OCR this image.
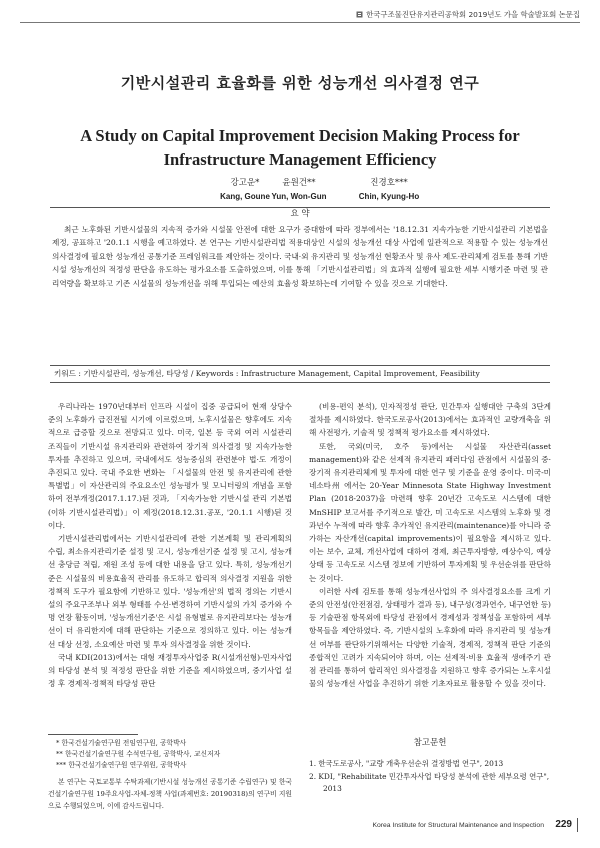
한국구조물진단유지관리공학회 2019년도 가을 학술발표회 논문집
기반시설관리 효율화를 위한 성능개선 의사결정 연구
A Study on Capital Improvement Decision Making Process for Infrastructure Management Efficiency
강고운*
Kang, Goune
윤원건**
Yun, Won-Gun
진경호***
Chin, Kyung-Ho
요 약
최근 노후화된 기반시설물의 지속적 증가와 시설물 안전에 대한 요구가 증대함에 따라 정부에서는 '18.12.31 지속가능한 기반시설관리 기본법을 제정, 공표하고 '20.1.1 시행을 예고하였다. 본 연구는 기반시설관리법 적용대상인 시설의 성능개선 대상 사업에 일관적으로 적용할 수 있는 성능개선 의사결정에 필요한 성능개선 공통기준 프레임워크를 제안하는 것이다. 국내·외 유지관리 및 성능개선 현황조사 및 유사 제도·관리체계 검토를 통해 기반시설 성능개선의 적정성 판단을 유도하는 평가요소를 도출하였으며, 이를 통해 「기반시설관리법」의 효과적 실행에 필요한 세부 시행기준 마련 및 관리역량을 확보하고 기존 시설물의 성능개선을 위해 투입되는 예산의 효율성 확보하는데 기여할 수 있을 것으로 기대한다.
키워드 : 기반시설관리, 성능개선, 타당성 / Keywords : Infrastructure Management, Capital Improvement, Feasibility

우리나라는 1970년대부터 인프라 시설이 집중 공급되어 현재 상당수준의 노후화가 급진전될 시기에 이르렀으며, 노후시설물은 향후에도 지속적으로 급증할 것으로 전망되고 있다. 미국, 일본 등 국외 여러 시설관리 조직들이 기반시설 유지관리와 관련하여 장기적 의사결정 및 지속가능한 투자를 추진하고 있으며, 국내에서도 성능중심의 관련분야 법·도 개정이 추진되고 있다. 국내 주요한 변화는 「시설물의 안전 및 유지관리에 관한 특별법」이 자산관리의 주요요소인 성능평가 및 모니터링의 개념을 포함하여 전부개정(2017.1.17.)된 것과, 「지속가능한 기반시설 관리 기본법(이하 기반시설관리법)」이 제정(2018.12.31.공포, '20.1.1 시행)된 것이다.

기반시설관리법에서는 기반시설관리에 관한 기본계획 및 관리계획의 수립, 최소유지관리기준 설정 및 고시, 성능개선기준 설정 및 고시, 성능개선 충당금 적립, 재원 조성 등에 대한 내용을 담고 있다. 특히, 성능개선기준은 시설물의 비용효율적 관리를 유도하고 합리적 의사결정 지원을 위한 정책적 도구가 필요함에 기반하고 있다. '성능개선'의 법적 정의는 기반시설의 주요구조부나 외부 형태를 수선·변경하여 기반시설의 가치 증가와 수명 연장 활동이며, '성능개선기준'은 시설 유형별로 유지관리보다는 성능개선이 더 유리한지에 대해 판단하는 기준으로 정의하고 있다. 이는 성능개선 대상 선정, 소요예산 마련 및 투자 의사결정을 위한 것이다.

국내 KDI(2013)에서는 대형 재정투자사업중 R(시설개선형)-민자사업의 타당성 분석 및 적정성 판단을 위한 기준을 제시하였으며, 중기사업 설정 후 경제적·정책적 타당성 판단

(비용-편익 분석), 민자적정성 판단, 민간투자 실행대안 구축의 3단계 절차를 제시하였다. 한국도로공사(2013)에서는 효과적인 교량개축을 위해 사전평가, 기술적 및 정책적 평가요소를 제시하였다.

또한, 국외(미국, 호주 등)에서는 시설물 자산관리(asset management)와 같은 선제적 유지관리 패러다임 관점에서 시설물의 중·장기적 유지관리체계 및 투자에 대한 연구 및 기준을 운영 중이다. 미국-미네소타州 에서는 20-Year Minnesota State Highway Investment Plan (2018-2037)을 마련해 향후 20년간 고속도로 시스템에 대한 MnSHIP 보고서를 주기적으로 발간, 미 고속도로 시스템의 노후화 및 경과년수 누적에 따라 향후 추가적인 유지관리(maintenance)를 아니라 증가하는 자산개선(capital improvements)이 필요함을 제시하고 있다. 이는 보수, 교체, 개선사업에 대하여 경제, 최근투자방향, 예상수익, 예상상태 등 고속도로 시스템 정보에 기반하여 투자계획 및 우선순위를 판단하는 것이다.

이러한 사례 검토를 통해 성능개선사업의 주 의사결정요소를 크게 기준의 안전성(안전점검, 상태평가 결과 등), 내구성(경과연수, 내구연한 등) 등 기술판점 항목외에 타당성 관점에서 경제성과 정책성을 포함하여 세부 항목들을 제안하였다. 즉, 기반시설의 노후화에 따라 유지관리 및 성능개선 여부를 판단하기위해서는 다양한 기술적, 경제적, 정책적 판단 기준의 종합적인 고려가 지속되어야 하며, 이는 선제적·비용 효율적 생애주기 관점 관리를 통하여 합리적인 의사결정을 지원하고 향후 증가되는 노후시설물의 성능개선 사업을 추진하기 위한 기초자료로 활용할 수 있을 것이다.

* 한국건설기술연구원 전임연구원, 공학박사
** 한국건설기술연구원 수석연구원, 공학박사, 교신저자
*** 한국건설기술연구원 연구위원, 공학박사
본 연구는 국토교통부 수탁과제(기반시설 성능개선 공통기준 수립연구) 및 한국건설기술연구원 19주요사업-자체-정책 사업(과제번호: 20190318)의 연구비 지원으로 수행되었으며, 이에 감사드립니다.
참고문헌
1. 한국도로공사, "교량 개축우선순위 결정방법 연구", 2013
2. KDI, "Rehabilitate 민간투자사업 타당성 분석에 관한 세부요령 연구", 2013
Korea Institute for Structural Maintenance and Inspection 229
